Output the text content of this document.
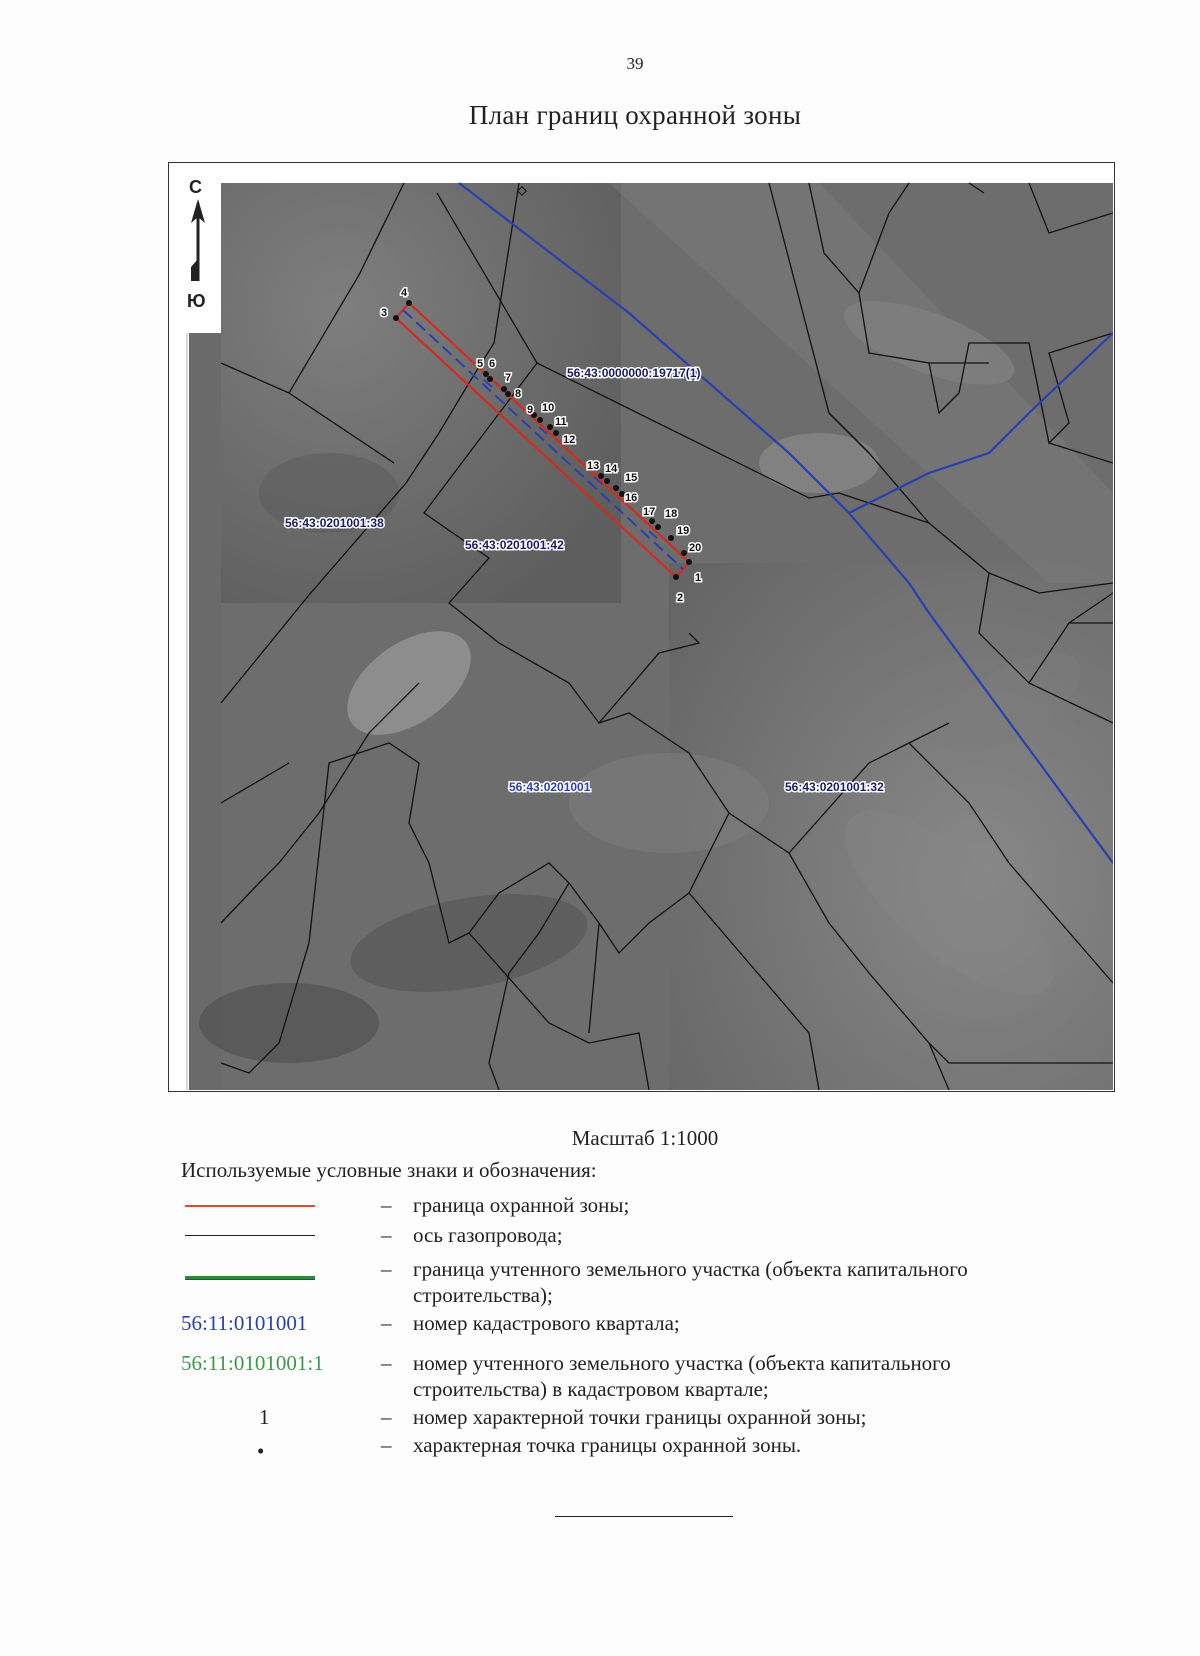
39
План границ охранной зоны
1
2
3
4
5 6
7
8
9 10
11
12
13 14
15
16
17 18
19
20
56:43:0000000:19717(1)
56:43:0201001:38
56:43:0201001:42
56:43:0201001	56:43:0201001:32
С
Ю
Масштаб 1:1000
Используемые условные знаки и обозначения:
– граница охранной зоны;
– ось газопровода;
– граница учтенного земельного участка (объекта капитального строительства);
56:11:0101001	– номер кадастрового квартала;
56:11:0101001:1	– номер учтенного земельного участка (объекта капитального строительства) в кадастровом квартале;
1	– номер характерной точки границы охранной зоны;
•	– характерная точка границы охранной зоны.
